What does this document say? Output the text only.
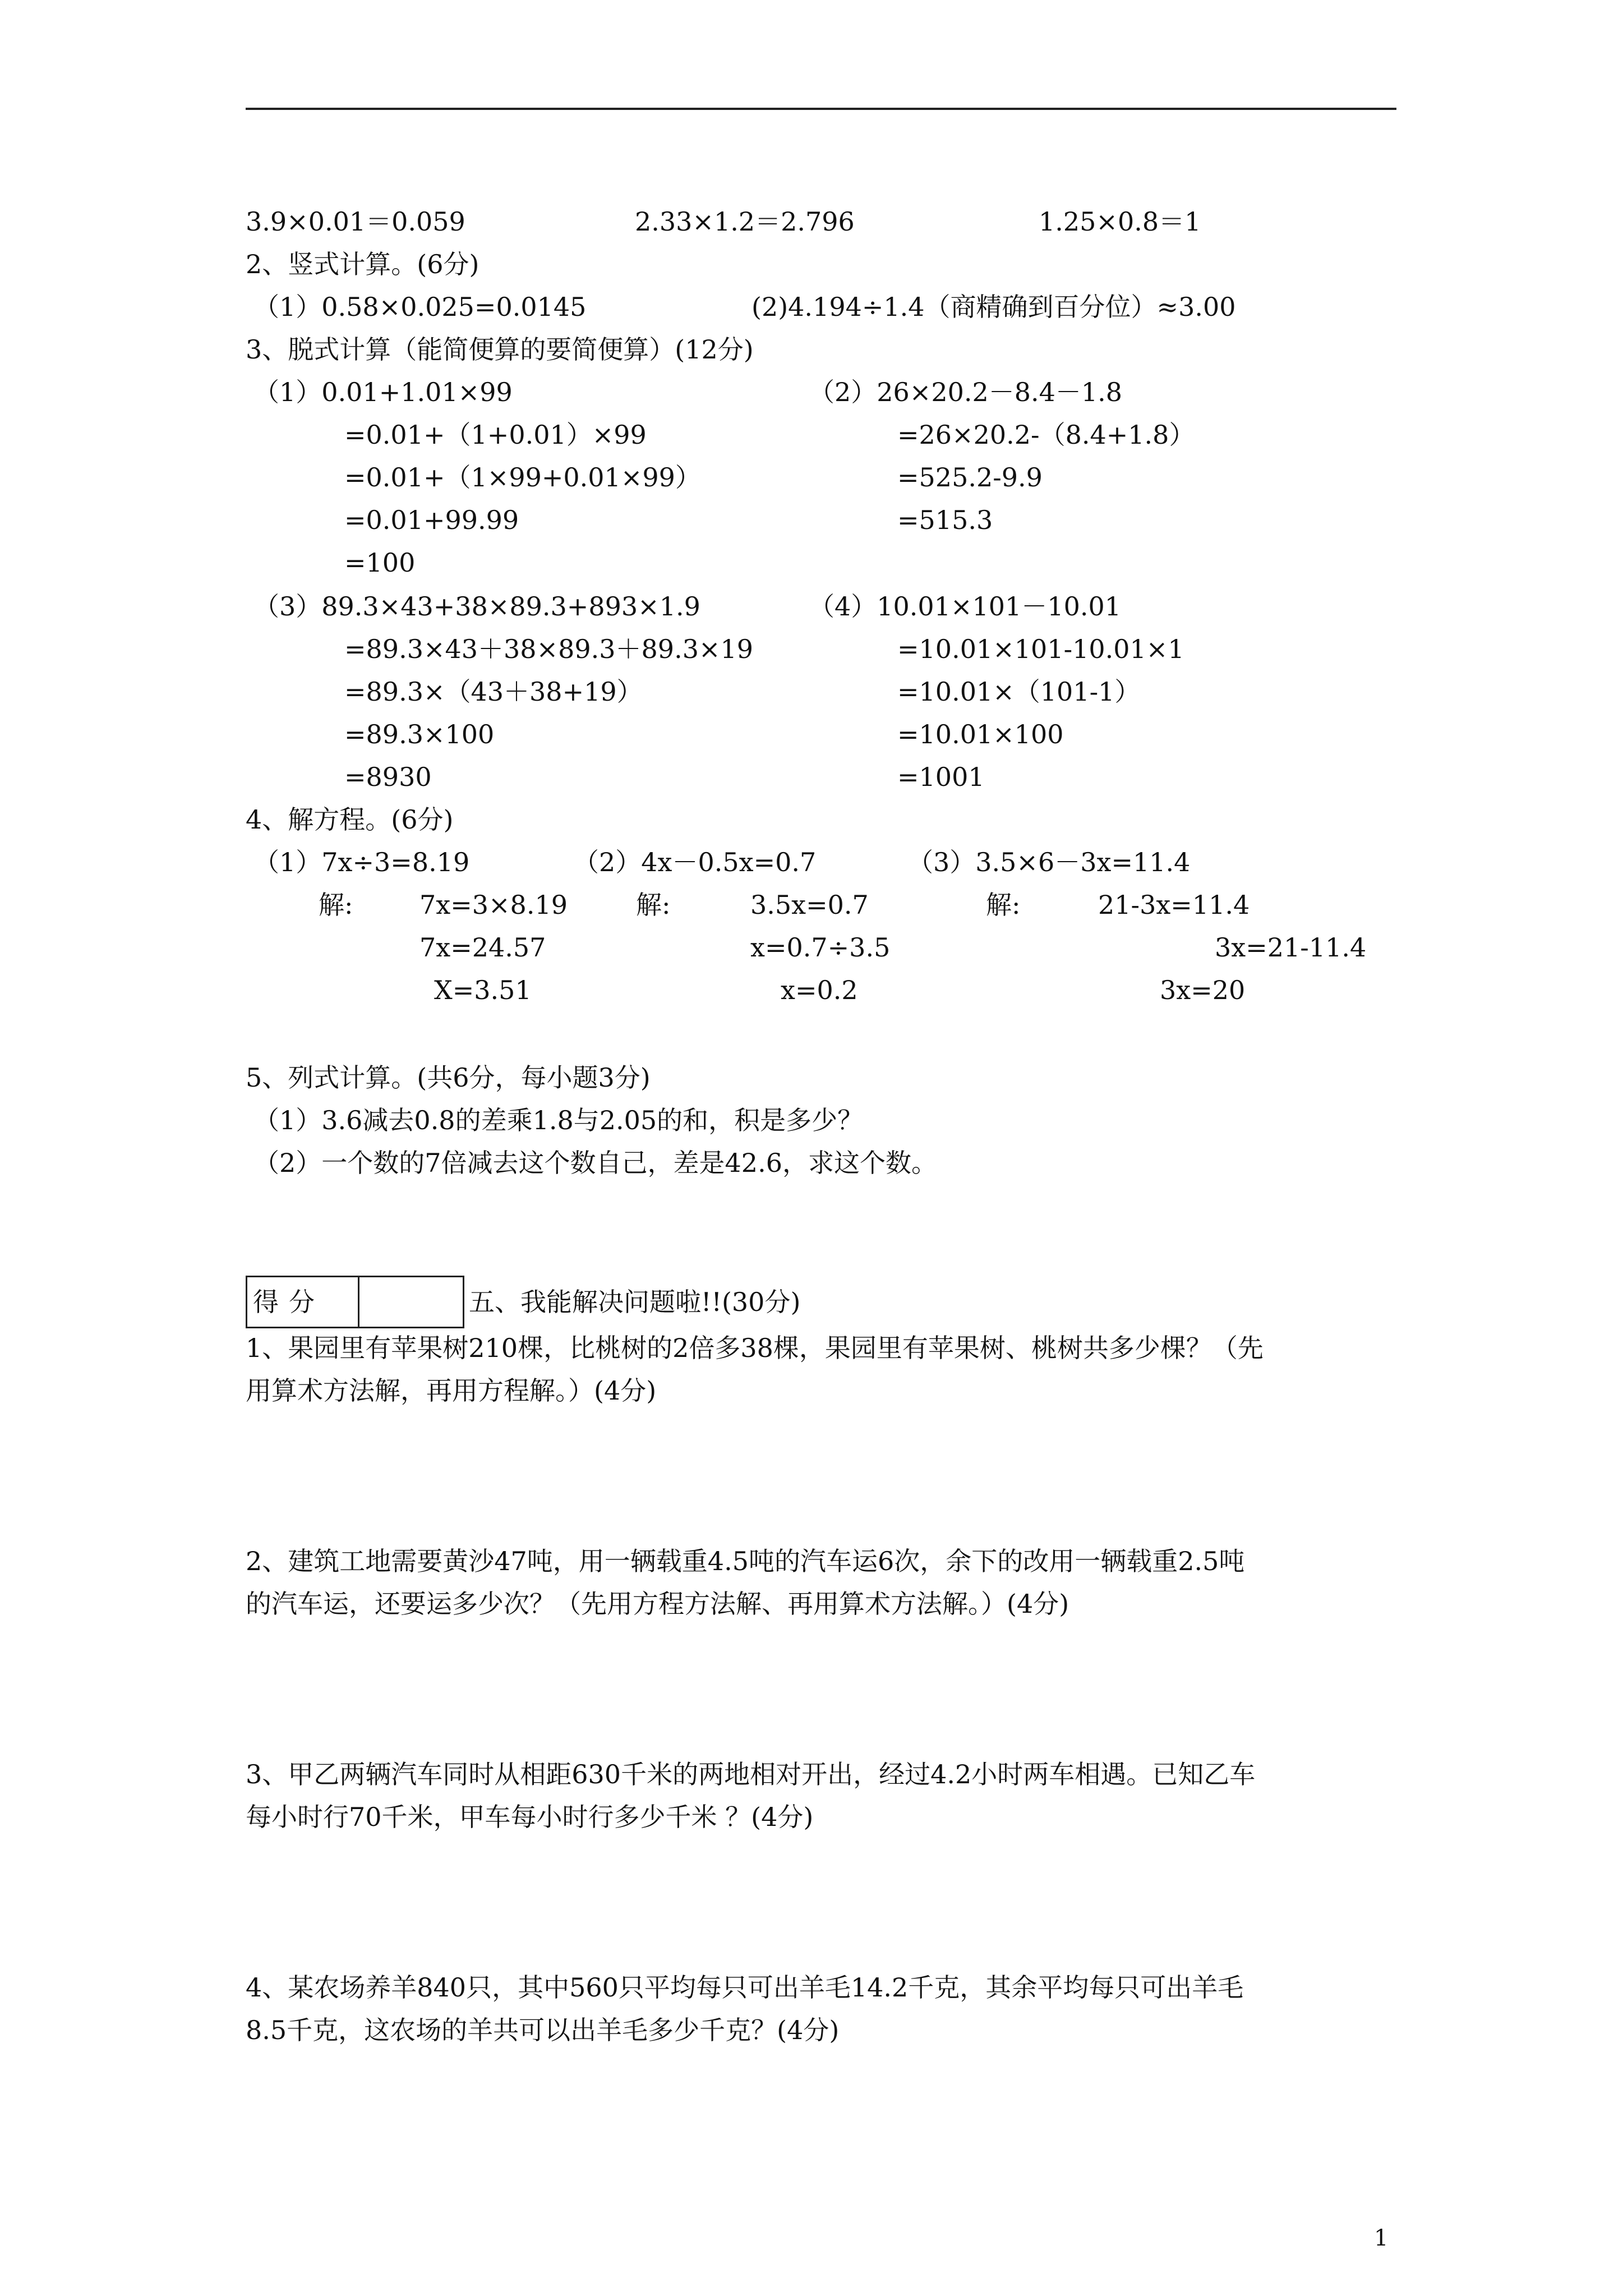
3.9×0.01＝0.059	2.33×1.2＝2.796	1.25×0.8＝1
2、竖式计算。(6分)
（1）0.58×0.025=0.0145	(2)4.194÷1.4（商精确到百分位）≈3.00
3、脱式计算（能简便算的要简便算）(12分)
（1）0.01+1.01×99
=0.01+（1+0.01）×99
=0.01+（1×99+0.01×99）
=0.01+99.99
=100
（2）26×20.2－8.4－1.8
=26×20.2-（8.4+1.8）
=525.2-9.9
=515.3
（3）89.3×43+38×89.3+893×1.9
=89.3×43＋38×89.3＋89.3×19
=89.3×（43＋38+19）
=89.3×100
=8930
（4）10.01×101－10.01
=10.01×101-10.01×1
=10.01×（101-1）
=10.01×100
=1001
4、解方程。(6分)
（1）7x÷3=8.19
解:	7x=3×8.19
7x=24.57
X=3.51
（2）4x－0.5x=0.7
解:	3.5x=0.7
x=0.7÷3.5
x=0.2
（3）3.5×6－3x=11.4
解:	21-3x=11.4
3x=21-11.4
3x=20
5、列式计算。(共6分，每小题3分)
（1）3.6减去0.8的差乘1.8与2.05的和，积是多少？
（2）一个数的7倍减去这个数自己，差是42.6，求这个数。
得分	五、我能解决问题啦!!(30分)
1、果园里有苹果树210棵，比桃树的2倍多38棵，果园里有苹果树、桃树共多少棵？（先
用算术方法解，再用方程解。）(4分)
2、建筑工地需要黄沙47吨，用一辆载重4.5吨的汽车运6次，余下的改用一辆载重2.5吨
的汽车运，还要运多少次？（先用方程方法解、再用算术方法解。）(4分)
3、甲乙两辆汽车同时从相距630千米的两地相对开出，经过4.2小时两车相遇。已知乙车
每小时行70千米，甲车每小时行多少千米 ？(4分)
4、某农场养羊840只，其中560只平均每只可出羊毛14.2千克，其余平均每只可出羊毛
8.5千克，这农场的羊共可以出羊毛多少千克？(4分)
1
